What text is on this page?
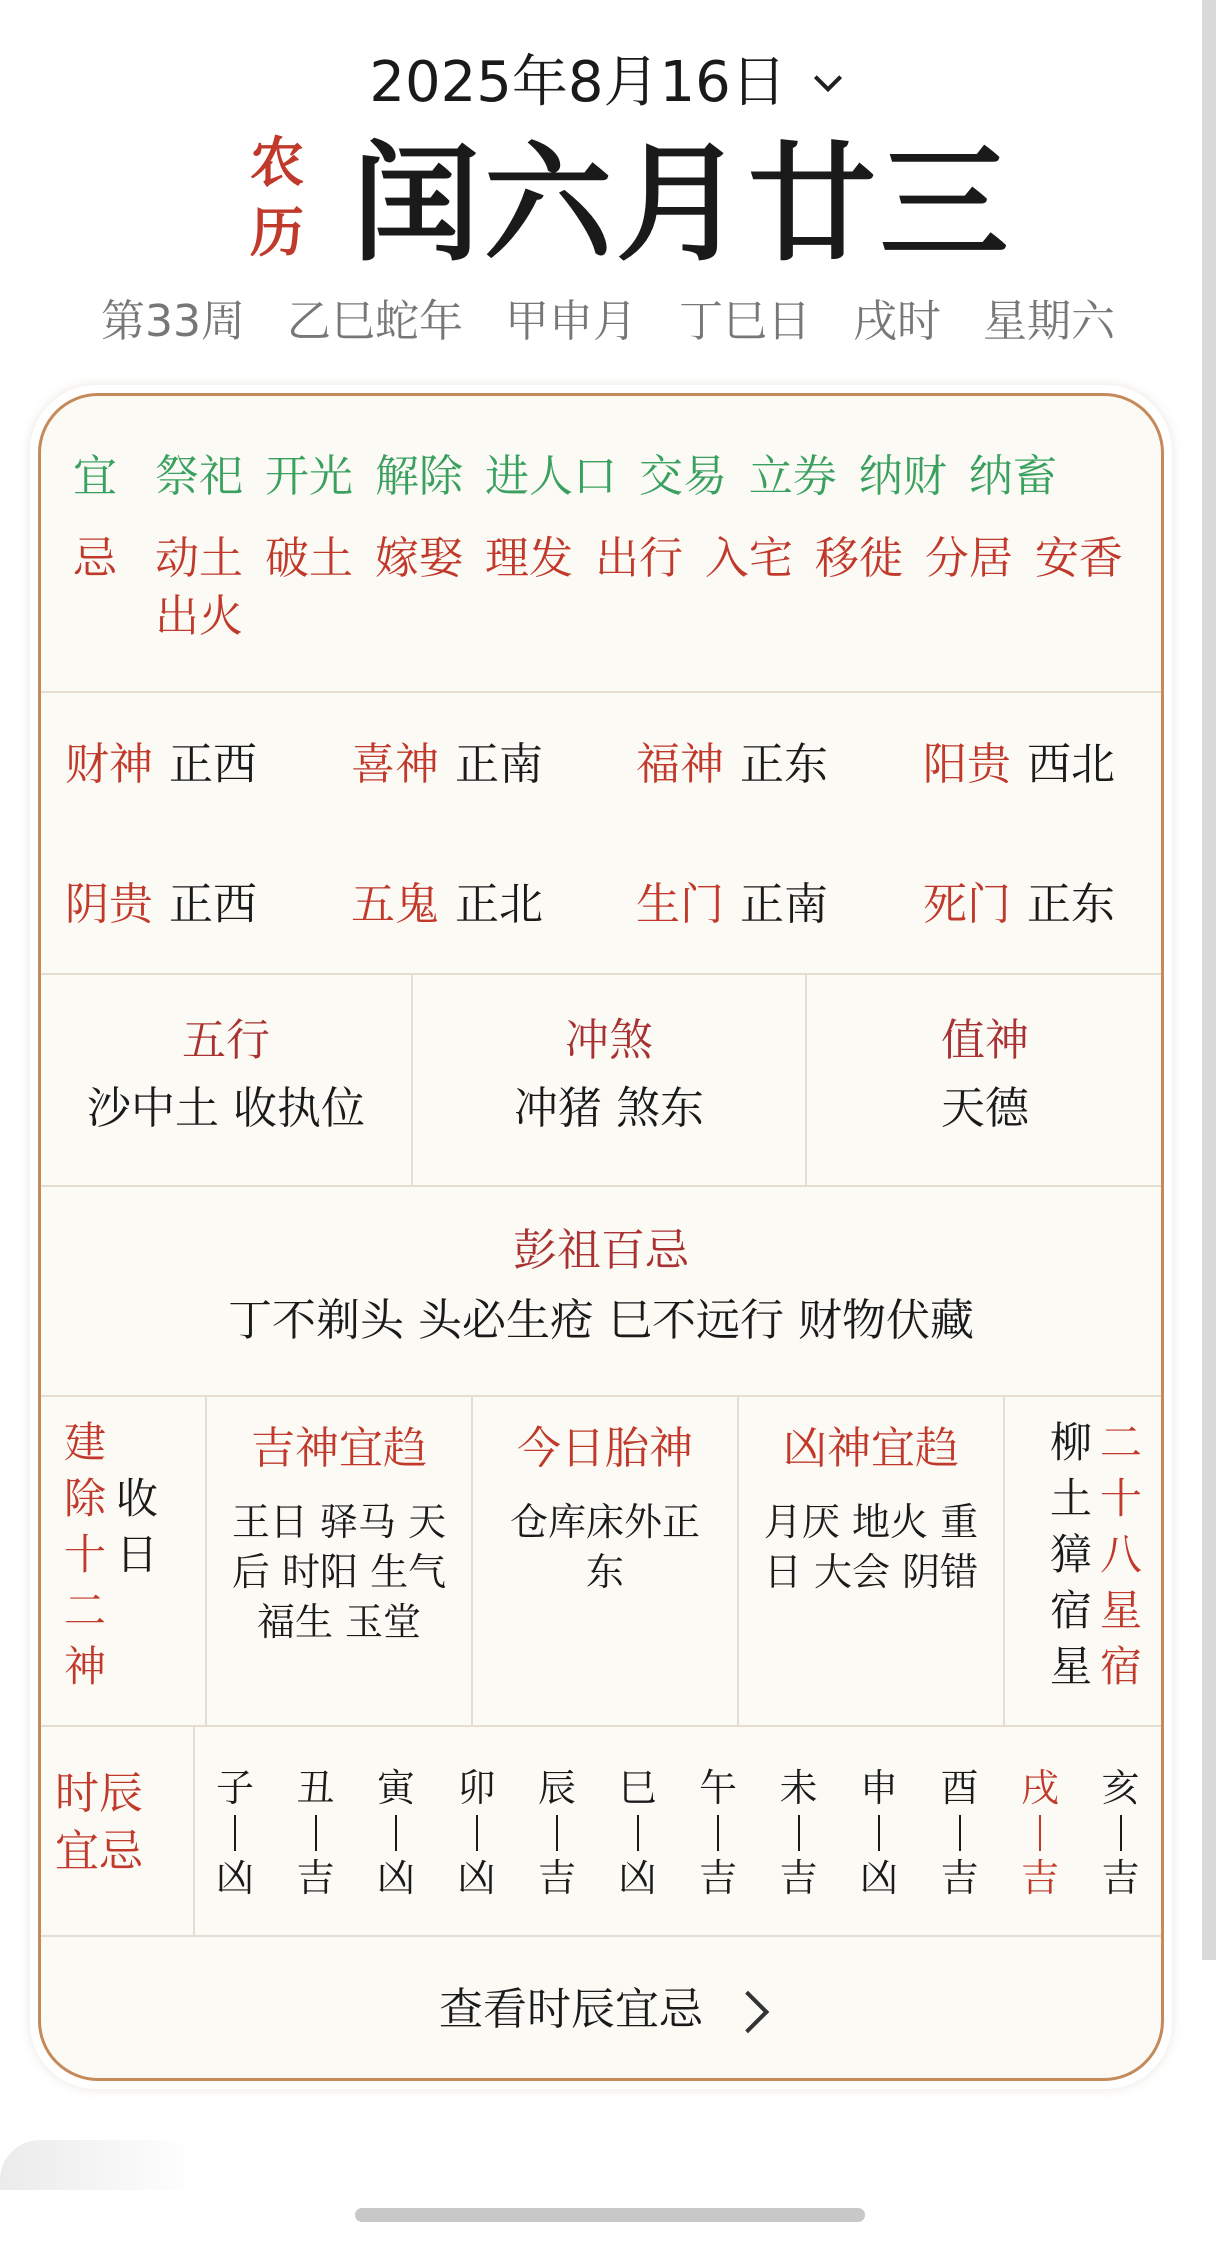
2025年8月16日
农
历 闰六月廿三
第33周 乙巳蛇年 甲申月 丁巳日 戌时 星期六
宜 祭祀 开光 解除 进人口 交易 立券 纳财 纳畜
忌 动土 破土 嫁娶 理发 出行 入宅 移徙 分居 安香 出火
财神 正西 喜神 正南 福神 正东 阳贵 西北
阴贵 正西 五鬼 正北 生门 正南 死门 正东
五行
沙中土 收执位
冲煞
冲猪 煞东
值神
天德
彭祖百忌
丁不剃头 头必生疮 巳不远行 财物伏藏
建
除
十
二
神
收
日
吉神宜趋
王日 驿马 天后 时阳 生气 福生 玉堂
今日胎神
仓库床外正东
凶神宜趋
月厌 地火 重日 大会 阴错
柳
土
獐
宿
星
二
十
八
星
宿
时辰
宜忌
子
凶
丑
吉
寅
凶
卯
凶
辰
吉
巳
凶
午
吉
未
吉
申
凶
酉
吉
戌
吉
亥
吉
查看时辰宜忌
